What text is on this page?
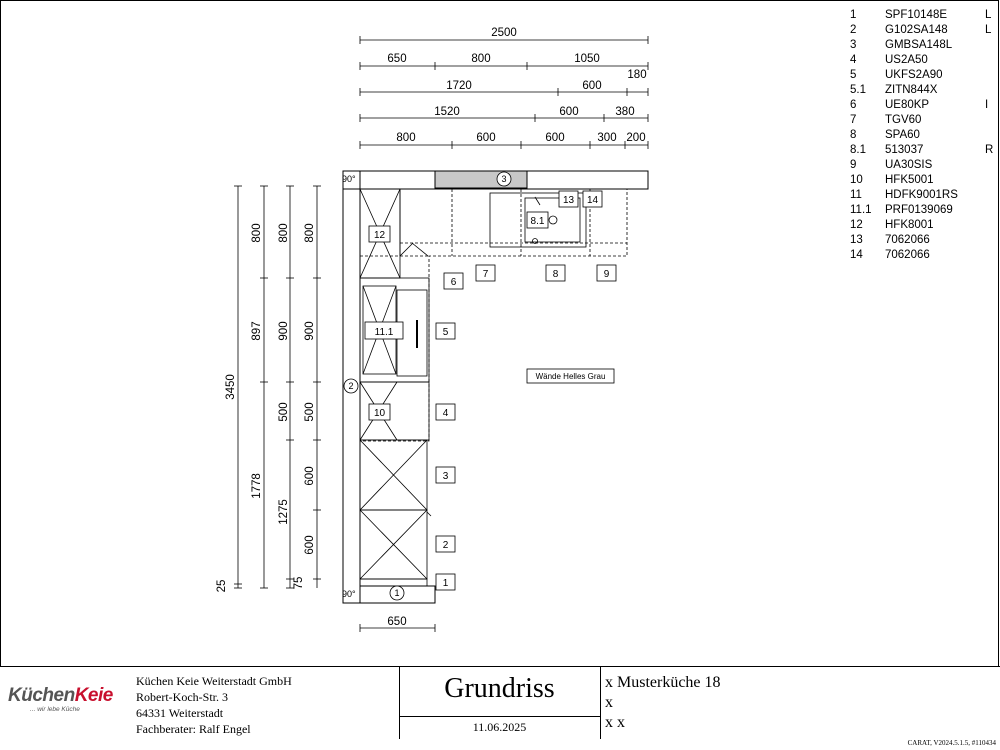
2500
650	800	1050
1720	600
180
1520	600	380
800	600	600	300 200
3450
25
800
897
1778
800
900
500
1275
75
800
900
500
600
600
650
90°
90°
1
2
3
4
5
6
7	8	9
10
11.1
12
13 14
8.1
1
2
3
Wände Helles Grau
1 SPF10148E	L
2 G102SA148	L
3 GMBSA148L
4 US2A50
5 UKFS2A90
5.1 ZITN844X
6 UE80KP	I
7 TGV60
8 SPA60
8.1 513037	R
9 UA30SIS
10 HFK5001
11 HDFK9001RS
11.1 PRF0139069
12 HFK8001
13 7062066
14 7062066
KüchenKeie
... wir lebe Küche
Küchen Keie Weiterstadt GmbH
Robert-Koch-Str. 3
64331 Weiterstadt
Fachberater: Ralf Engel
Grundriss
11.06.2025
x Musterküche 18
x
x x
CARAT, V2024.5.1.5, #110434
